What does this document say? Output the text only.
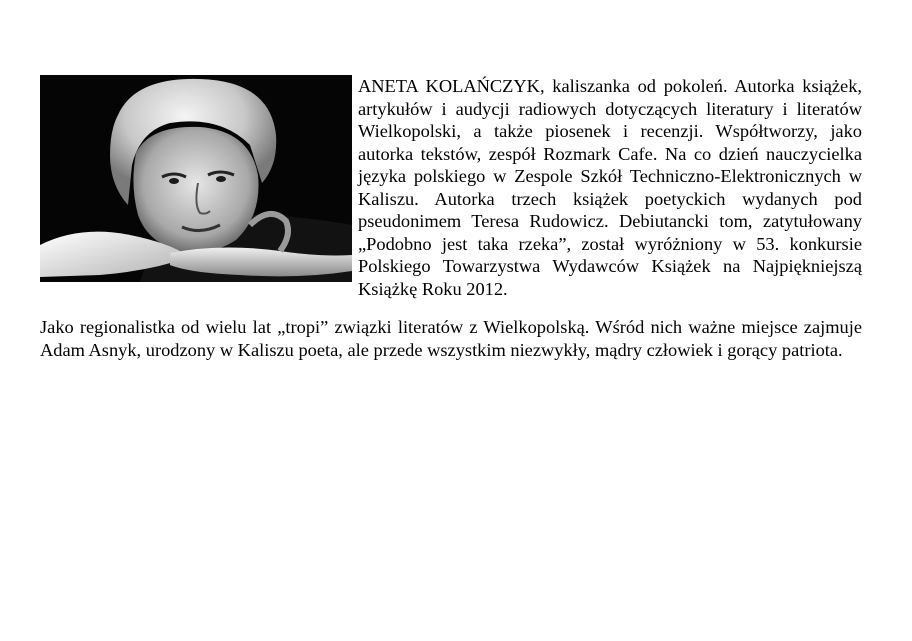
ANETA KOLAŃCZYK, kaliszanka od pokoleń. Autorka książek, artykułów i audycji radiowych dotyczących literatury i literatów Wielkopolski, a także piosenek i recenzji. Współtworzy, jako autorka tekstów, zespół Rozmark Cafe. Na co dzień nauczycielka języka polskiego w Zespole Szkół Techniczno-Elektronicznych w Kaliszu. Autorka trzech książek poetyckich wydanych pod pseudonimem Teresa Rudowicz. Debiutancki tom, zatytułowany „Podobno jest taka rzeka”, został wyróżniony w 53. konkursie Polskiego Towarzystwa Wydawców Książek na Najpiękniejszą Książkę Roku 2012.

Jako regionalistka od wielu lat „tropi” związki literatów z Wielkopolską. Wśród nich ważne miejsce zajmuje Adam Asnyk, urodzony w Kaliszu poeta, ale przede wszystkim niezwykły, mądry człowiek i gorący patriota.
